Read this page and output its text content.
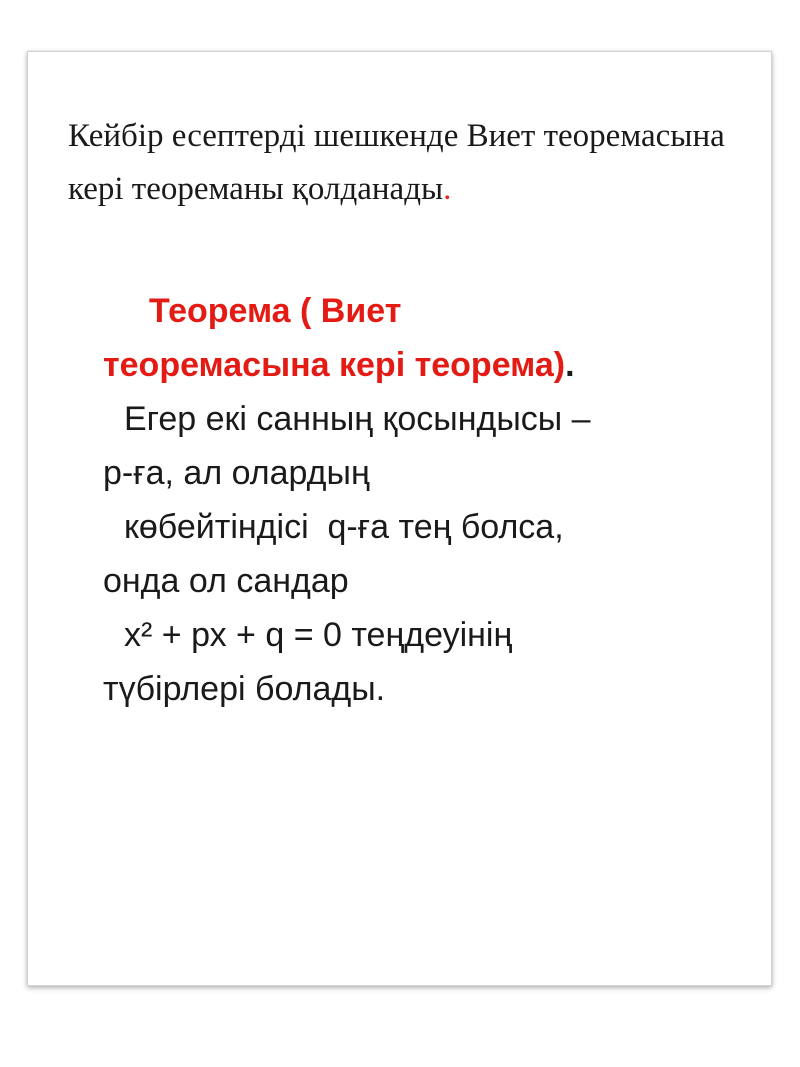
Кейбір есептерді шешкенде Виет теоремасына кері теореманы қолданады.

Теорема ( Виет
теоремасына кері теорема).
Егер екі санның қосындысы –
р-ға, ал олардың
көбейтіндісі  q-ға тең болса,
онда ол сандар
х² + рх + q = 0 теңдеуінің
түбірлері болады.
